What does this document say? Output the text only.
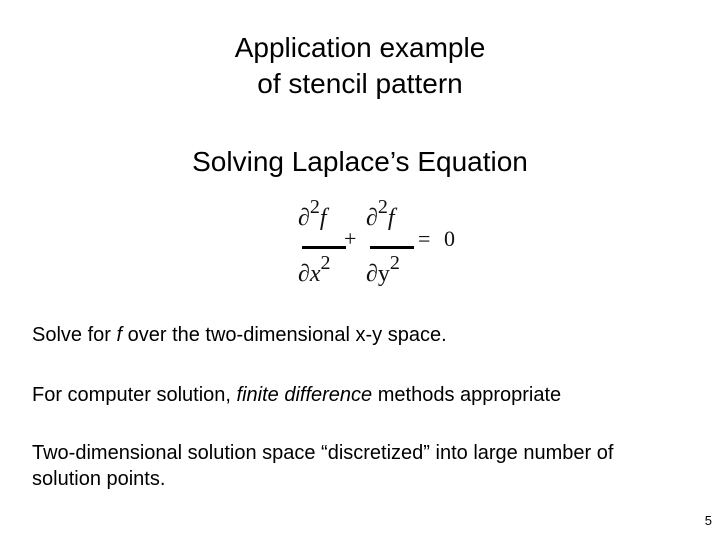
Application example
of stencil pattern
Solving Laplace’s Equation
∂$^2$f
$\partial x^2$
+
∂$^2$f
$\partial y^2$
= 0
Solve for f over the two-dimensional x-y space.
For computer solution, finite difference methods appropriate
Two-dimensional solution space “discretized” into large number of solution points.
5
